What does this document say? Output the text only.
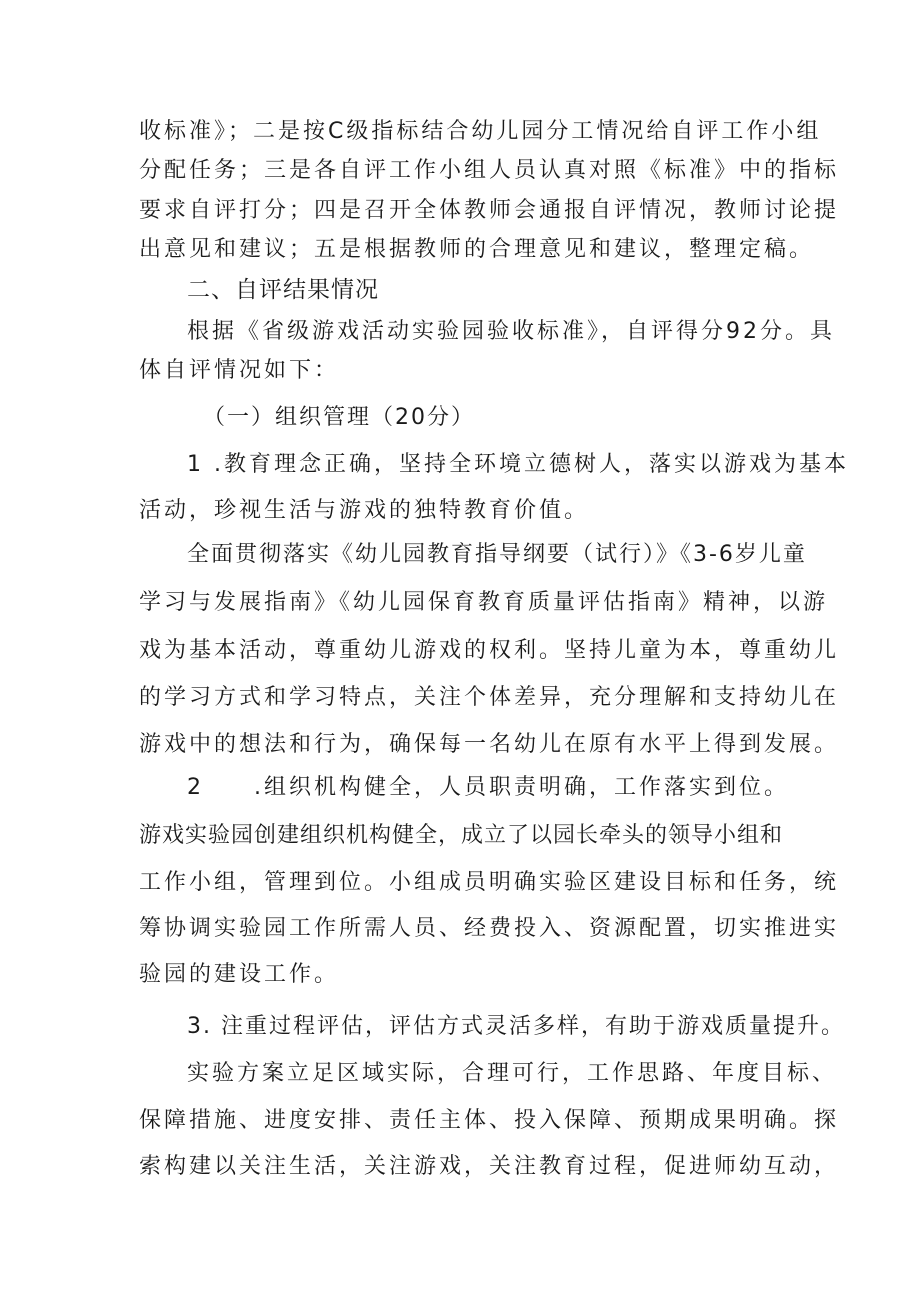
收标准》；二是按C级指标结合幼儿园分工情况给自评工作小组

分配任务；三是各自评工作小组人员认真对照《标准》中的指标

要求自评打分；四是召开全体教师会通报自评情况，教师讨论提

出意见和建议；五是根据教师的合理意见和建议，整理定稿。

二、自评结果情况

根据《省级游戏活动实验园验收标准》，自评得分92分。具

体自评情况如下：

（一）组织管理（20分）

1 .教育理念正确，坚持全环境立德树人，落实以游戏为基本

活动，珍视生活与游戏的独特教育价值。

全面贯彻落实《幼儿园教育指导纲要（试行）》《3-6岁儿童

学习与发展指南》《幼儿园保育教育质量评估指南》精神，以游

戏为基本活动，尊重幼儿游戏的权利。坚持儿童为本，尊重幼儿

的学习方式和学习特点，关注个体差异，充分理解和支持幼儿在

游戏中的想法和行为，确保每一名幼儿在原有水平上得到发展。

2　　.组织机构健全，人员职责明确，工作落实到位。

游戏实验园创建组织机构健全，成立了以园长牵头的领导小组和

工作小组，管理到位。小组成员明确实验区建设目标和任务，统

筹协调实验园工作所需人员、经费投入、资源配置，切实推进实

验园的建设工作。

3. 注重过程评估，评估方式灵活多样，有助于游戏质量提升。

实验方案立足区域实际，合理可行，工作思路、年度目标、

保障措施、进度安排、责任主体、投入保障、预期成果明确。探

索构建以关注生活，关注游戏，关注教育过程，促进师幼互动，
